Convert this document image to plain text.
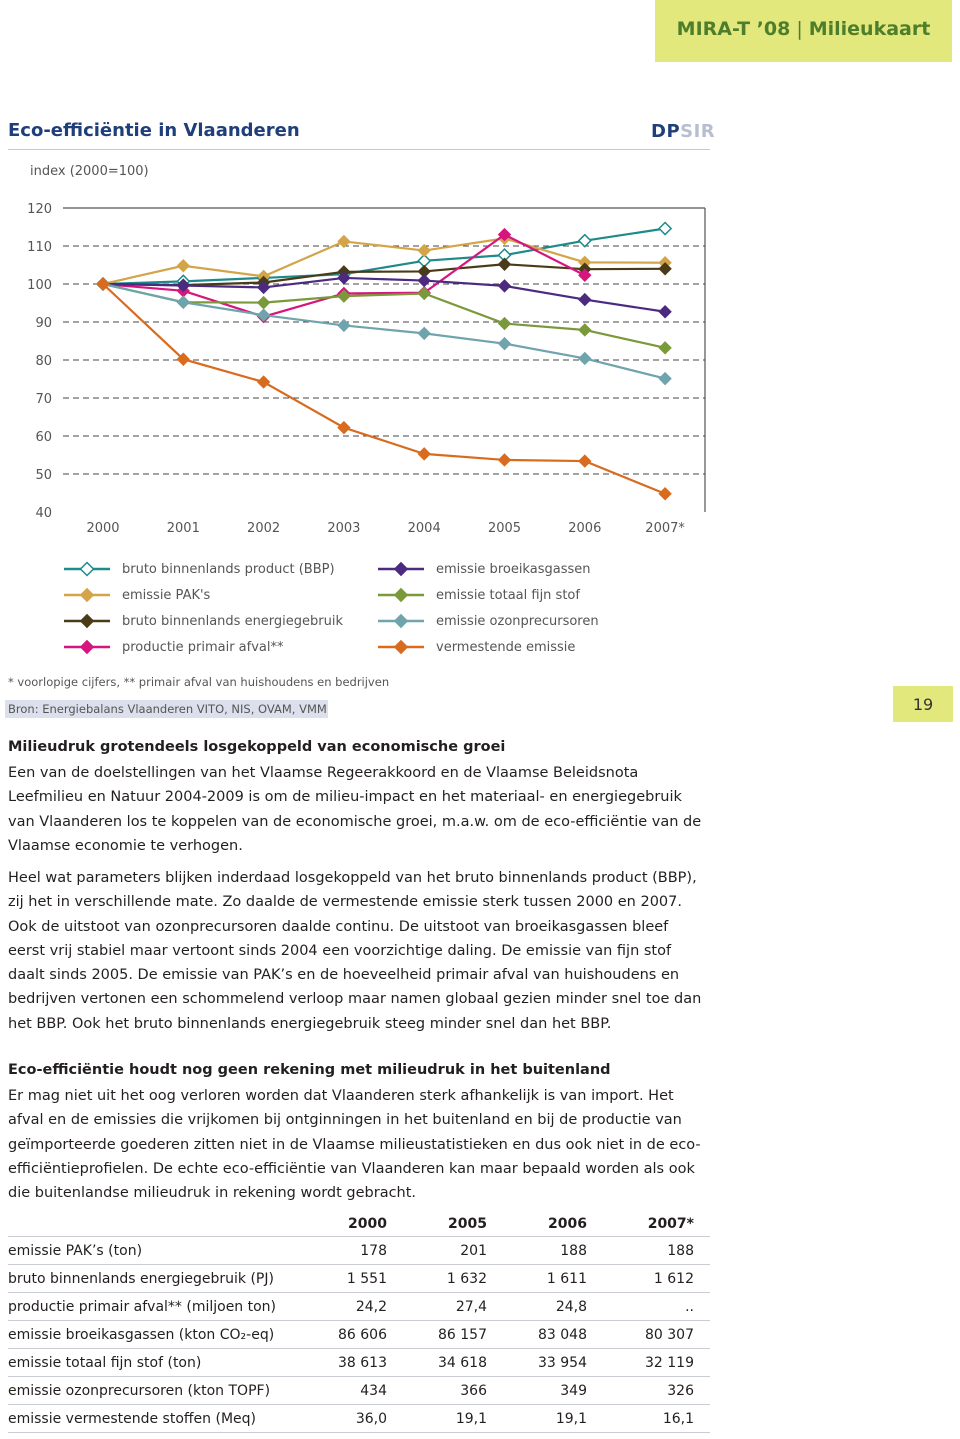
MIRA-T ’08 | Milieukaart
Eco-efficiëntie in Vlaanderen	DPSIR
index (2000=100)
120
110
100
90
80
70
60
50
40
2000	2001	2002	2003	2004	2005	2006	2007*
bruto binnenlands product (BBP)
emissie PAK's
bruto binnenlands energiegebruik
productie primair afval**
emissie broeikasgassen
emissie totaal fijn stof
emissie ozonprecursoren
vermestende emissie
* voorlopige cijfers, ** primair afval van huishoudens en bedrijven
Bron: Energiebalans Vlaanderen VITO, NIS, OVAM, VMM	19
Milieudruk grotendeels losgekoppeld van economische groei
Een van de doelstellingen van het Vlaamse Regeerakkoord en de Vlaamse Beleidsnota Leefmilieu en Natuur 2004-2009 is om de milieu-impact en het materiaal- en energiegebruik van Vlaanderen los te koppelen van de economische groei, m.a.w. om de eco-efficiëntie van de Vlaamse economie te verhogen.
Heel wat parameters blijken inderdaad losgekoppeld van het bruto binnenlands product (BBP), zij het in verschillende mate. Zo daalde de vermestende emissie sterk tussen 2000 en 2007. Ook de uitstoot van ozonprecursoren daalde continu. De uitstoot van broeikasgassen bleef eerst vrij stabiel maar vertoont sinds 2004 een voorzichtige daling. De emissie van fijn stof daalt sinds 2005. De emissie van PAK’s en de hoeveelheid primair afval van huishoudens en bedrijven vertonen een schommelend verloop maar namen globaal gezien minder snel toe dan het BBP. Ook het bruto binnenlands energiegebruik steeg minder snel dan het BBP.
Eco-efficiëntie houdt nog geen rekening met milieudruk in het buitenland
Er mag niet uit het oog verloren worden dat Vlaanderen sterk afhankelijk is van import. Het afval en de emissies die vrijkomen bij ontginningen in het buitenland en bij de productie van geïmporteerde goederen zitten niet in de Vlaamse milieustatistieken en dus ook niet in de eco-efficiëntieprofielen. De echte eco-efficiëntie van Vlaanderen kan maar bepaald worden als ook die buitenlandse milieudruk in rekening wordt gebracht.
	2000	2005	2006	2007*
emissie PAK’s (ton)	178	201	188	188
bruto binnenlands energiegebruik (PJ)	1 551	1 632	1 611	1 612
productie primair afval** (miljoen ton)	24,2	27,4	24,8	..
emissie broeikasgassen (kton CO₂-eq)	86 606	86 157	83 048	80 307
emissie totaal fijn stof (ton)	38 613	34 618	33 954	32 119
emissie ozonprecursoren (kton TOPF)	434	366	349	326
emissie vermestende stoffen (Meq)	36,0	19,1	19,1	16,1
